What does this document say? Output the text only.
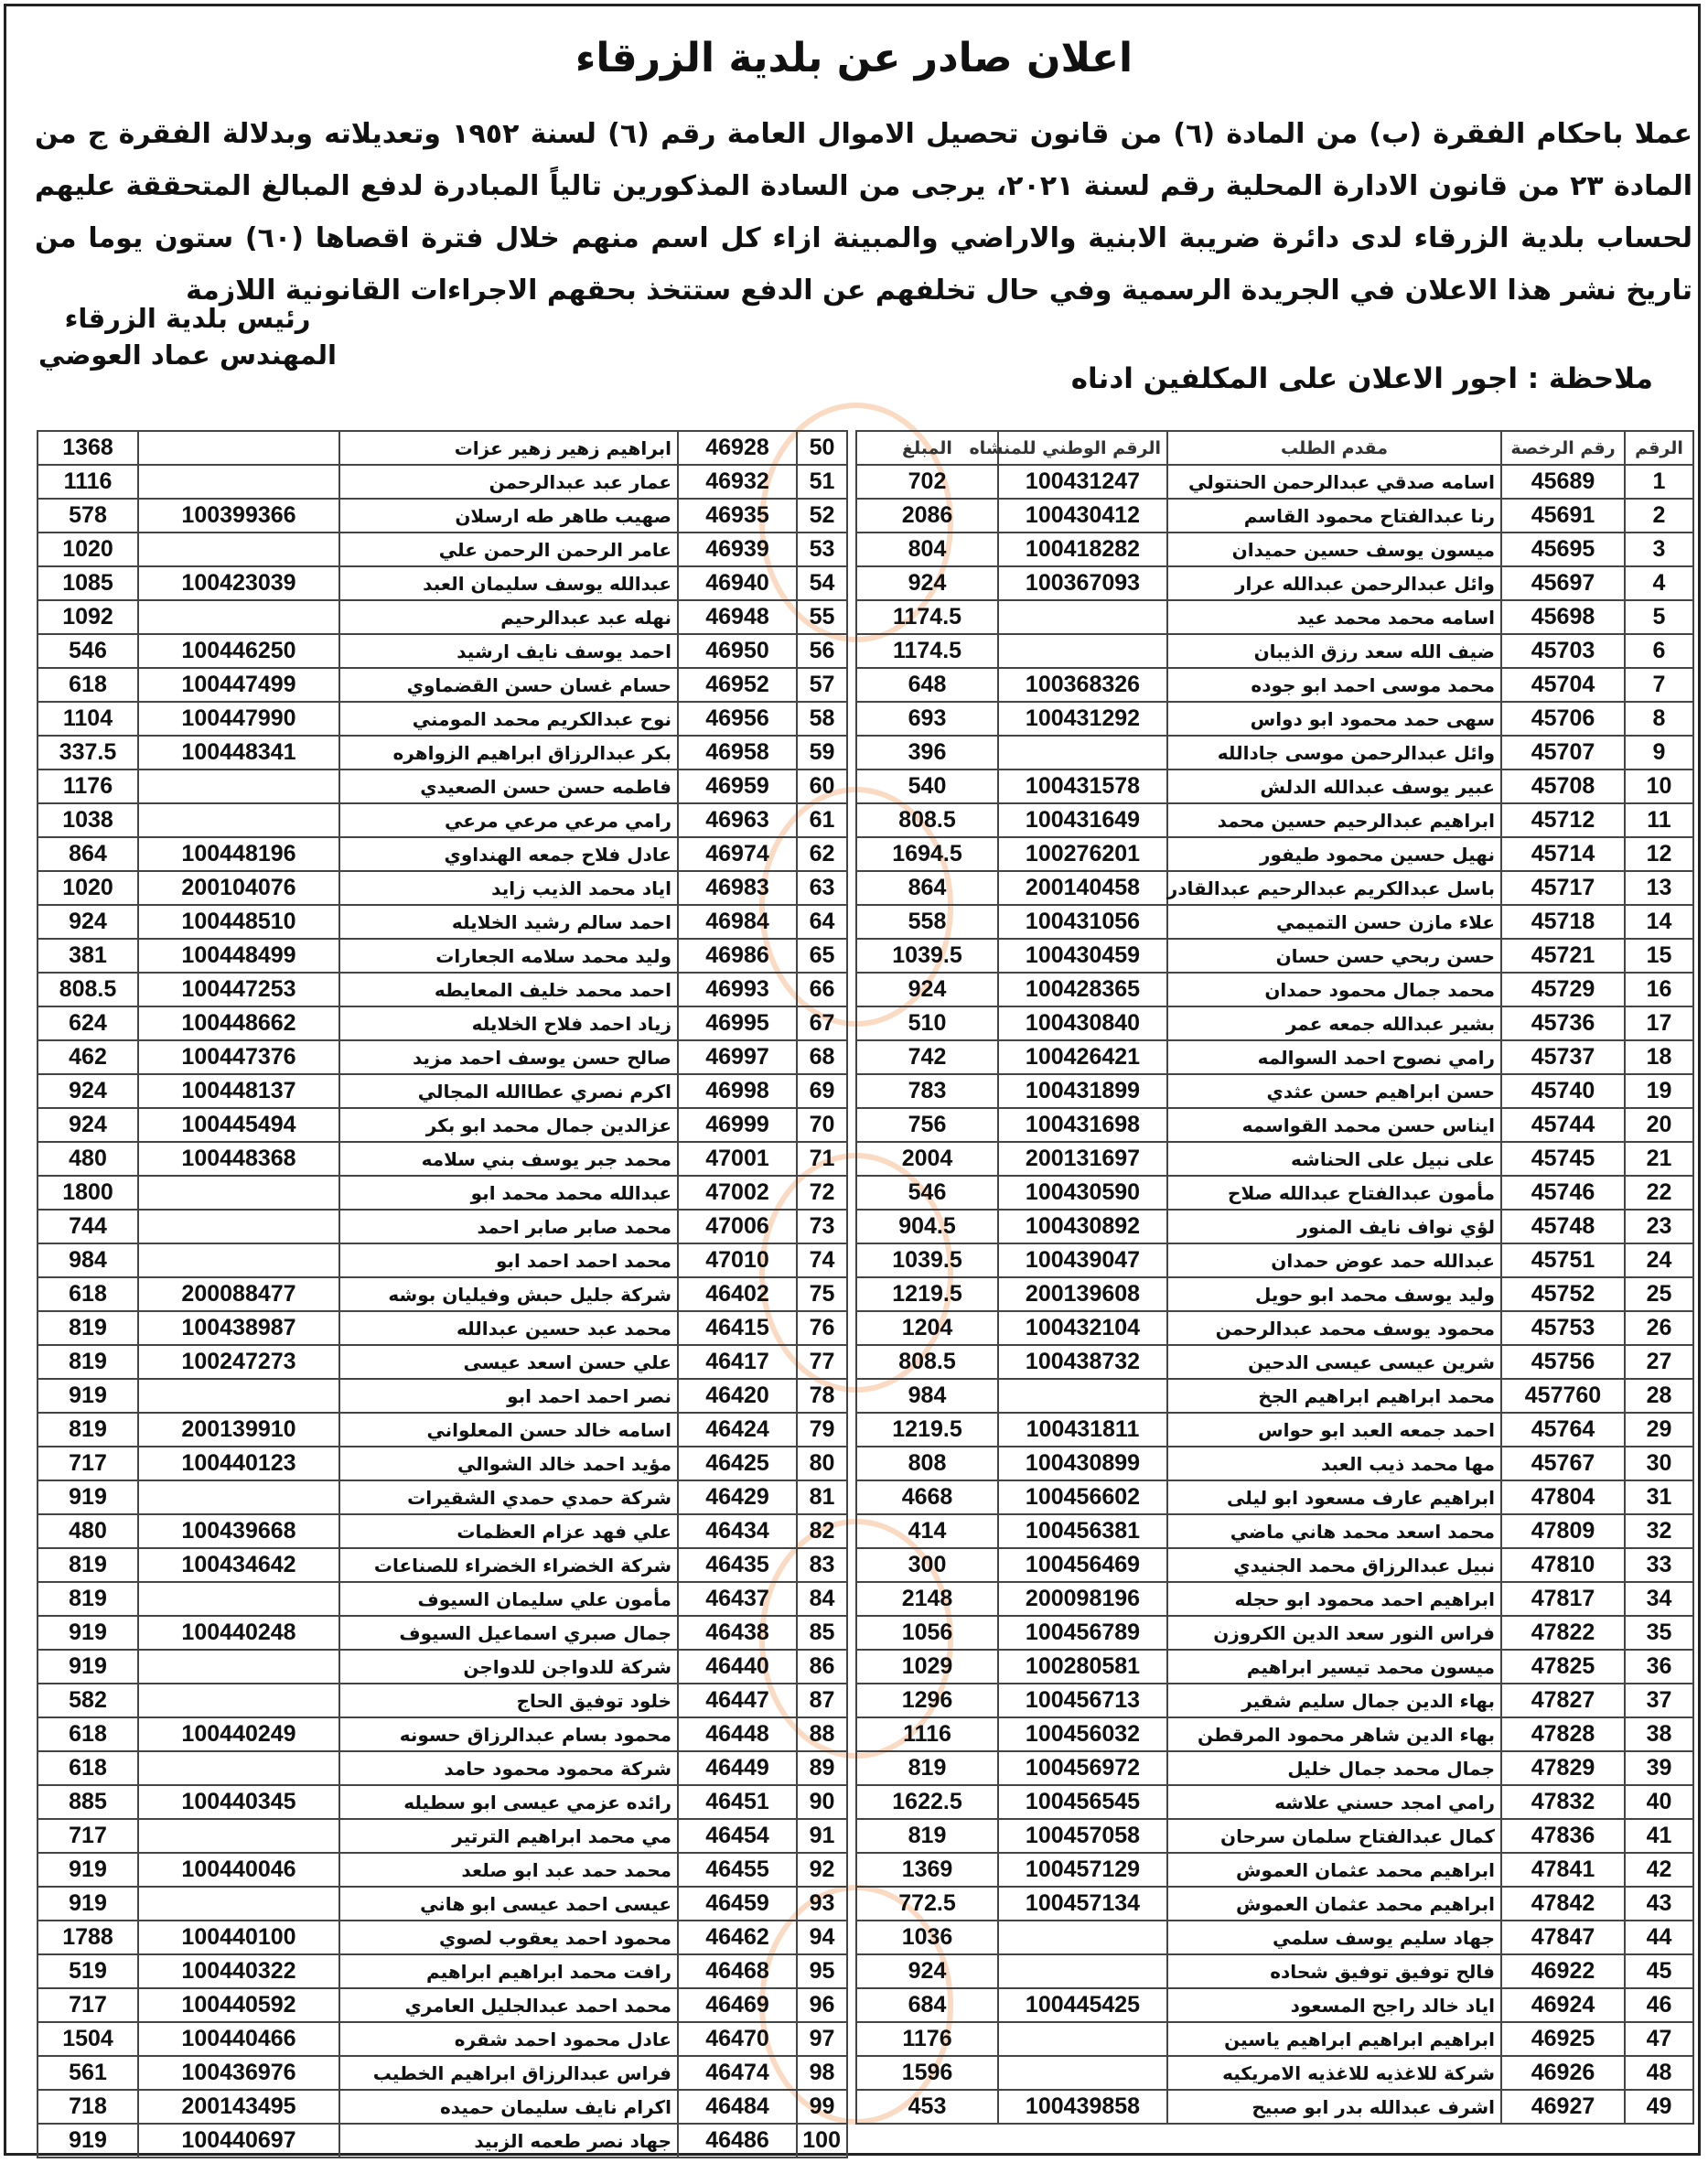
اعلان صادر عن بلدية الزرقاء
عملا باحكام الفقرة (ب) من المادة (٦) من قانون تحصيل الاموال العامة رقم (٦) لسنة ١٩٥٢ وتعديلاته وبدلالة الفقرة ج من المادة ٢٣ من قانون الادارة المحلية رقم لسنة ٢٠٢١، يرجى من السادة المذكورين تالياً المبادرة لدفع المبالغ المتحققة عليهم لحساب بلدية الزرقاء لدى دائرة ضريبة الابنية والاراضي والمبينة ازاء كل اسم منهم خلال فترة اقصاها (٦٠) ستون يوما من تاريخ نشر هذا الاعلان في الجريدة الرسمية وفي حال تخلفهم عن الدفع ستتخذ بحقهم الاجراءات القانونية اللازمة
رئيس بلدية الزرقاء
المهندس عماد العوضي
ملاحظة : اجور الاعلان على المكلفين ادناه
الرقم	رقم الرخصة	مقدم الطلب	الرقم الوطني للمنشاه	المبلغ
1	45689	اسامه صدقي عبدالرحمن الحنتولي	100431247	702
2	45691	رنا عبدالفتاح محمود القاسم	100430412	2086
3	45695	ميسون يوسف حسين حميدان	100418282	804
4	45697	وائل عبدالرحمن عبدالله عرار	100367093	924
5	45698	اسامه محمد محمد عيد		1174.5
6	45703	ضيف الله سعد رزق الذيبان		1174.5
7	45704	محمد موسى احمد ابو جوده	100368326	648
8	45706	سهى حمد محمود ابو دواس	100431292	693
9	45707	وائل عبدالرحمن موسى جادالله		396
10	45708	عبير يوسف عبدالله الدلش	100431578	540
11	45712	ابراهيم عبدالرحيم حسين محمد	100431649	808.5
12	45714	نهيل حسين محمود طيفور	100276201	1694.5
13	45717	باسل عبدالكريم عبدالرحيم عبدالقادر	200140458	864
14	45718	علاء مازن حسن التميمي	100431056	558
15	45721	حسن ربحي حسن حسان	100430459	1039.5
16	45729	محمد جمال محمود حمدان	100428365	924
17	45736	بشير عبدالله جمعه عمر	100430840	510
18	45737	رامي نصوح احمد السوالمه	100426421	742
19	45740	حسن ابراهيم حسن عثدي	100431899	783
20	45744	ايناس حسن محمد القواسمه	100431698	756
21	45745	على نبيل على الحناشه	200131697	2004
22	45746	مأمون عبدالفتاح عبدالله صلاح	100430590	546
23	45748	لؤي نواف نايف المنور	100430892	904.5
24	45751	عبدالله حمد عوض حمدان	100439047	1039.5
25	45752	وليد يوسف محمد ابو حويل	200139608	1219.5
26	45753	محمود يوسف محمد عبدالرحمن	100432104	1204
27	45756	شرين عيسى عيسى الدحين	100438732	808.5
28	457760	محمد ابراهيم ابراهيم الجخ		984
29	45764	احمد جمعه العبد ابو حواس	100431811	1219.5
30	45767	مها محمد ذيب العبد	100430899	808
31	47804	ابراهيم عارف مسعود ابو ليلى	100456602	4668
32	47809	محمد اسعد محمد هاني ماضي	100456381	414
33	47810	نبيل عبدالرزاق محمد الجنيدي	100456469	300
34	47817	ابراهيم احمد محمود ابو حجله	200098196	2148
35	47822	فراس النور سعد الدين الكروزن	100456789	1056
36	47825	ميسون محمد تيسير ابراهيم	100280581	1029
37	47827	بهاء الدين جمال سليم شقير	100456713	1296
38	47828	بهاء الدين شاهر محمود المرقطن	100456032	1116
39	47829	جمال محمد جمال خليل	100456972	819
40	47832	رامي امجد حسني علاشه	100456545	1622.5
41	47836	كمال عبدالفتاح سلمان سرحان	100457058	819
42	47841	ابراهيم محمد عثمان العموش	100457129	1369
43	47842	ابراهيم محمد عثمان العموش	100457134	772.5
44	47847	جهاد سليم يوسف سلمي		1036
45	46922	فالح توفيق توفيق شحاده		924
46	46924	اياد خالد راجح المسعود	100445425	684
47	46925	ابراهيم ابراهيم ابراهيم ياسين		1176
48	46926	شركة للاغذيه للاغذيه الامريكيه		1596
49	46927	اشرف عبدالله بدر ابو صبيح	100439858	453
50	46928	ابراهيم زهير زهير عزات		1368
51	46932	عمار عبد عبدالرحمن		1116
52	46935	صهيب طاهر طه ارسلان	100399366	578
53	46939	عامر الرحمن الرحمن علي		1020
54	46940	عبدالله يوسف سليمان العبد	100423039	1085
55	46948	نهله عبد عبدالرحيم		1092
56	46950	احمد يوسف نايف ارشيد	100446250	546
57	46952	حسام غسان حسن القضماوي	100447499	618
58	46956	نوح عبدالكريم محمد المومني	100447990	1104
59	46958	بكر عبدالرزاق ابراهيم الزواهره	100448341	337.5
60	46959	فاطمه حسن حسن الصعيدي		1176
61	46963	رامي مرعي مرعي مرعي		1038
62	46974	عادل فلاح جمعه الهنداوي	100448196	864
63	46983	اياد محمد الذيب زايد	200104076	1020
64	46984	احمد سالم رشيد الخلايله	100448510	924
65	46986	وليد محمد سلامه الجعارات	100448499	381
66	46993	احمد محمد خليف المعايطه	100447253	808.5
67	46995	زياد احمد فلاح الخلايله	100448662	624
68	46997	صالح حسن يوسف احمد مزيد	100447376	462
69	46998	اكرم نصري عطاالله المجالي	100448137	924
70	46999	عزالدين جمال محمد ابو بكر	100445494	924
71	47001	محمد جبر يوسف بني سلامه	100448368	480
72	47002	عبدالله محمد محمد ابو		1800
73	47006	محمد صابر صابر احمد		744
74	47010	محمد احمد احمد ابو		984
75	46402	شركة جليل حبش وفيليان بوشه	200088477	618
76	46415	محمد عبد حسين عبدالله	100438987	819
77	46417	علي حسن اسعد عيسى	100247273	819
78	46420	نصر احمد احمد ابو		919
79	46424	اسامه خالد حسن المعلواني	200139910	819
80	46425	مؤيد احمد خالد الشوالي	100440123	717
81	46429	شركة حمدي حمدي الشقيرات		919
82	46434	علي فهد عزام العظمات	100439668	480
83	46435	شركة الخضراء الخضراء للصناعات	100434642	819
84	46437	مأمون علي سليمان السيوف		819
85	46438	جمال صبري اسماعيل السيوف	100440248	919
86	46440	شركة للدواجن للدواجن		919
87	46447	خلود توفيق الحاج		582
88	46448	محمود بسام عبدالرزاق حسونه	100440249	618
89	46449	شركة محمود محمود حامد		618
90	46451	رائده عزمي عيسى ابو سطيله	100440345	885
91	46454	مي محمد ابراهيم الترتير		717
92	46455	محمد حمد عبد ابو صلعد	100440046	919
93	46459	عيسى احمد عيسى ابو هاني		919
94	46462	محمود احمد يعقوب لصوي	100440100	1788
95	46468	رافت محمد ابراهيم ابراهيم	100440322	519
96	46469	محمد احمد عبدالجليل العامري	100440592	717
97	46470	عادل محمود احمد شقره	100440466	1504
98	46474	فراس عبدالرزاق ابراهيم الخطيب	100436976	561
99	46484	اكرام نايف سليمان حميده	200143495	718
100	46486	جهاد نصر طعمه الزبيد	100440697	919
